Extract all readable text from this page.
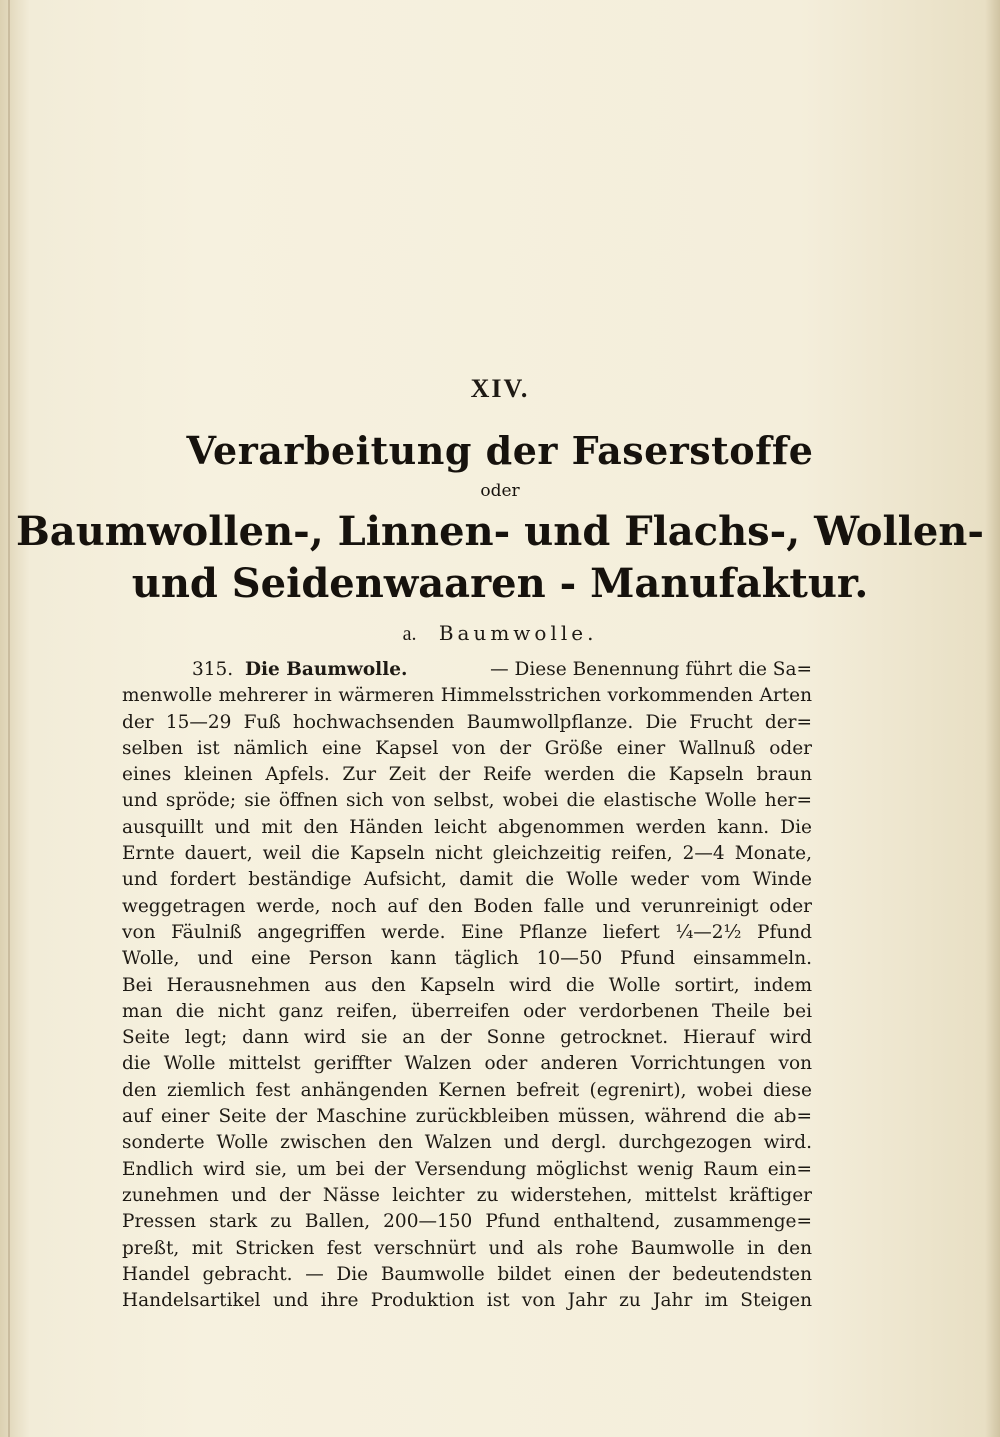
XIV.
Verarbeitung der Faserstoffe
oder
Baumwollen-, Linnen- und Flachs-, Wollen-
und Seidenwaaren - Manufaktur.
a. Baumwolle.
315. Die Baumwolle.	— Diese Benennung führt die Sa=
menwolle mehrerer in wärmeren Himmelsstrichen vorkommenden Arten
der 15—29 Fuß hochwachsenden Baumwollpflanze. Die Frucht der=
selben ist nämlich eine Kapsel von der Größe einer Wallnuß oder
eines kleinen Apfels. Zur Zeit der Reife werden die Kapseln braun
und spröde; sie öffnen sich von selbst, wobei die elastische Wolle her=
ausquillt und mit den Händen leicht abgenommen werden kann. Die
Ernte dauert, weil die Kapseln nicht gleichzeitig reifen, 2—4 Monate,
und fordert beständige Aufsicht, damit die Wolle weder vom Winde
weggetragen werde, noch auf den Boden falle und verunreinigt oder
von Fäulniß angegriffen werde. Eine Pflanze liefert ¼—2½ Pfund
Wolle, und eine Person kann täglich 10—50 Pfund einsammeln.
Bei Herausnehmen aus den Kapseln wird die Wolle sortirt, indem
man die nicht ganz reifen, überreifen oder verdorbenen Theile bei
Seite legt; dann wird sie an der Sonne getrocknet. Hierauf wird
die Wolle mittelst geriffter Walzen oder anderen Vorrichtungen von
den ziemlich fest anhängenden Kernen befreit (egrenirt), wobei diese
auf einer Seite der Maschine zurückbleiben müssen, während die ab=
sonderte Wolle zwischen den Walzen und dergl. durchgezogen wird.
Endlich wird sie, um bei der Versendung möglichst wenig Raum ein=
zunehmen und der Nässe leichter zu widerstehen, mittelst kräftiger
Pressen stark zu Ballen, 200—150 Pfund enthaltend, zusammenge=
preßt, mit Stricken fest verschnürt und als rohe Baumwolle in den
Handel gebracht. — Die Baumwolle bildet einen der bedeutendsten
Handelsartikel und ihre Produktion ist von Jahr zu Jahr im Steigen
